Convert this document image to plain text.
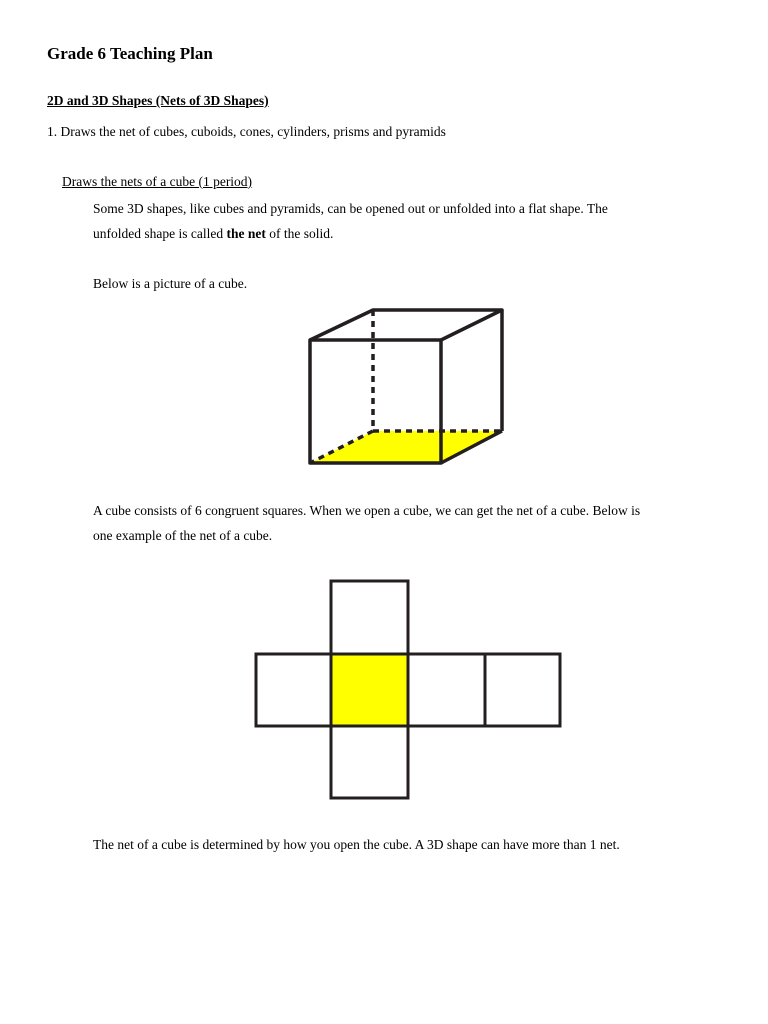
Grade 6 Teaching Plan
2D and 3D Shapes (Nets of 3D Shapes)
1. Draws the net of cubes, cuboids, cones, cylinders, prisms and pyramids
Draws the nets of a cube (1 period)
Some 3D shapes, like cubes and pyramids, can be opened out or unfolded into a flat shape. The
unfolded shape is called the net of the solid.
Below is a picture of a cube.
A cube consists of 6 congruent squares. When we open a cube, we can get the net of a cube. Below is
one example of the net of a cube.
The net of a cube is determined by how you open the cube. A 3D shape can have more than 1 net.
